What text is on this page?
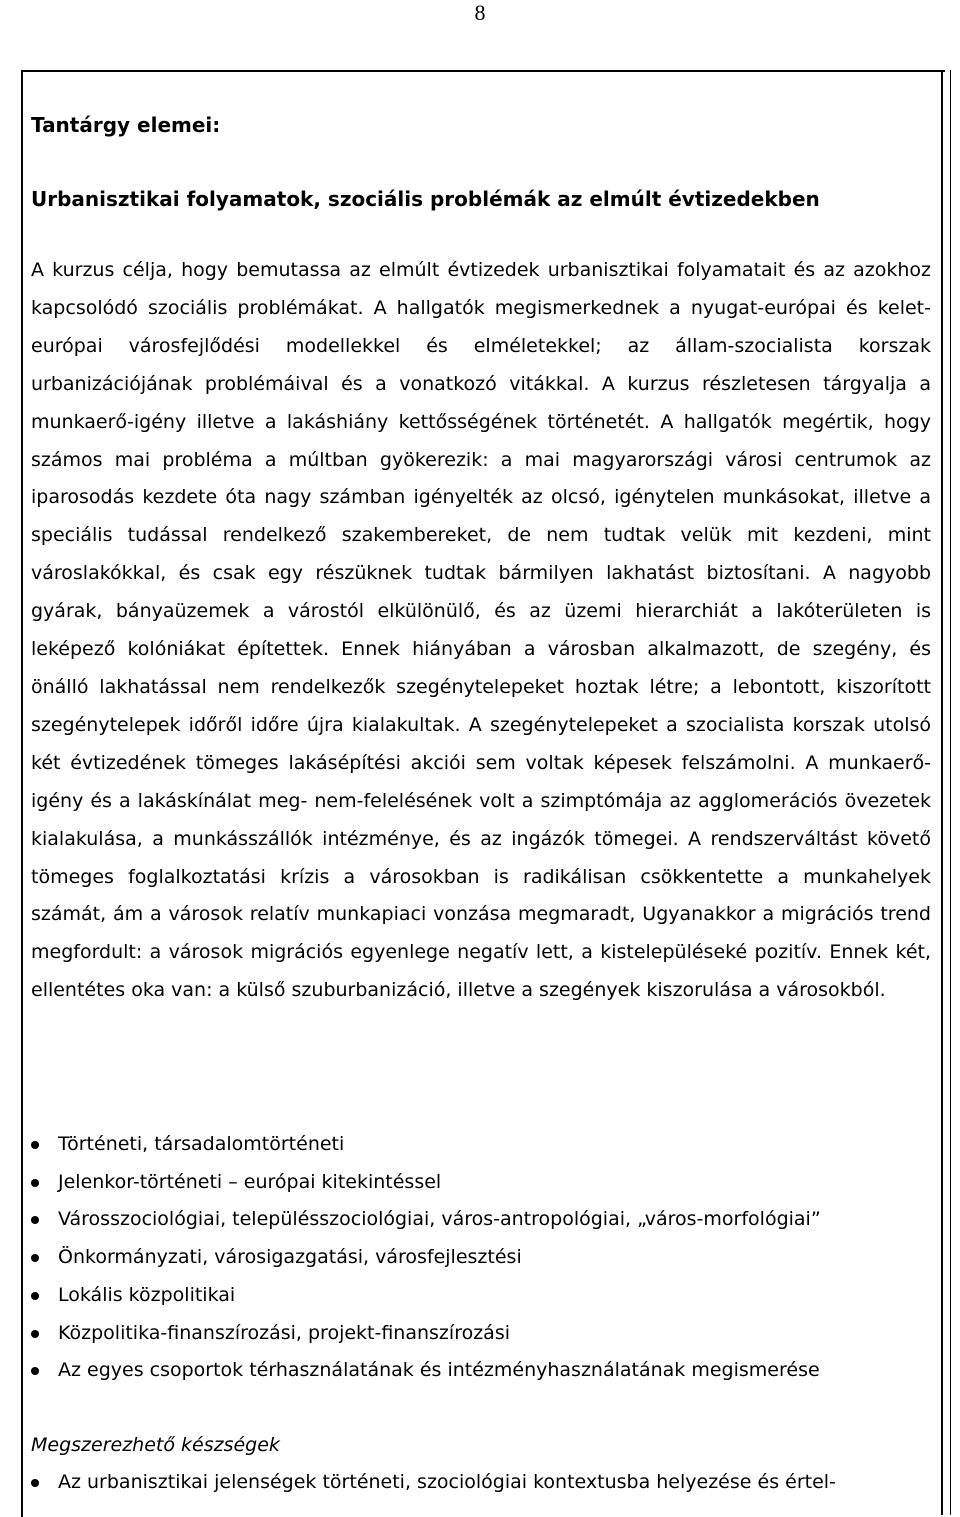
8
Tantárgy elemei:
Urbanisztikai folyamatok, szociális problémák az elmúlt évtizedekben
A kurzus célja, hogy bemutassa az elmúlt évtizedek urbanisztikai folyamatait és az azokhoz kapcsolódó szociális problémákat. A hallgatók megismerkednek a nyugat-európai és kelet-európai városfejlődési modellekkel és elméletekkel; az állam-szocialista korszak urbanizációjának problémáival és a vonatkozó vitákkal. A kurzus részletesen tárgyalja a munkaerő-igény illetve a lakáshiány kettősségének történetét. A hallgatók megértik, hogy számos mai probléma a múltban gyökerezik: a mai magyarországi városi centrumok az iparosodás kezdete óta nagy számban igényelték az olcsó, igénytelen munkásokat, illetve a speciális tudással rendelkező szakembereket, de nem tudtak velük mit kezdeni, mint városlakókkal, és csak egy részüknek tudtak bármilyen lakhatást biztosítani. A nagyobb gyárak, bányaüzemek a várostól elkülönülő, és az üzemi hierarchiát a lakóterületen is leképező kolóniákat építettek. Ennek hiányában a városban alkalmazott, de szegény, és önálló lakhatással nem rendelkezők szegénytelepeket hoztak létre; a lebontott, kiszorított szegénytelepek időről időre újra kialakultak. A szegénytelepeket a szocialista korszak utolsó két évtizedének tömeges lakásépítési akciói sem voltak képesek felszámolni. A munkaerő-igény és a lakáskínálat meg- nem-felelésének volt a szimptómája az agglomerációs övezetek kialakulása, a munkásszállók intézménye, és az ingázók tömegei. A rendszerváltást követő tömeges foglalkoztatási krízis a városokban is radikálisan csökkentette a munkahelyek számát, ám a városok relatív munkapiaci vonzása megmaradt, Ugyanakkor a migrációs trend megfordult: a városok migrációs egyenlege negatív lett, a kistelepüléseké pozitív. Ennek két, ellentétes oka van: a külső szuburbanizáció, illetve a szegények kiszorulása a városokból.
Történeti, társadalomtörténeti
Jelenkor-történeti – európai kitekintéssel
Városszociológiai, településszociológiai, város-antropológiai, „város-morfológiai”
Önkormányzati, városigazgatási, városfejlesztési
Lokális közpolitikai
Közpolitika-finanszírozási, projekt-finanszírozási
Az egyes csoportok térhasználatának és intézményhasználatának megismerése
Megszerezhető készségek
Az urbanisztikai jelenségek történeti, szociológiai kontextusba helyezése és értel-
